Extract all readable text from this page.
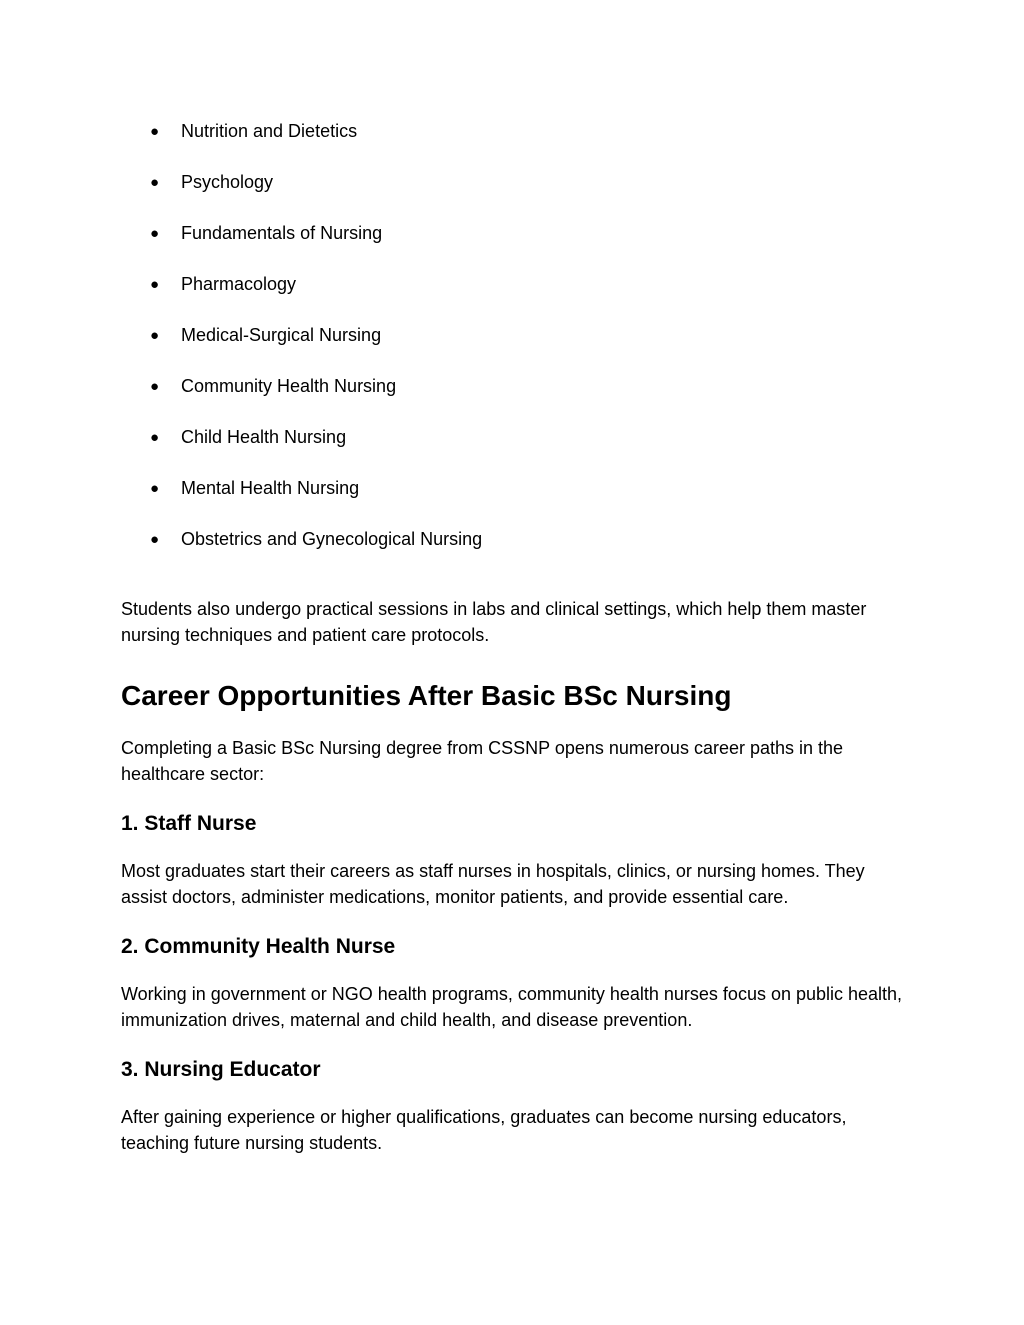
●	Nutrition and Dietetics
●	Psychology
●	Fundamentals of Nursing
●	Pharmacology
●	Medical-Surgical Nursing
●	Community Health Nursing
●	Child Health Nursing
●	Mental Health Nursing
●	Obstetrics and Gynecological Nursing

Students also undergo practical sessions in labs and clinical settings, which help them master nursing techniques and patient care protocols.

Career Opportunities After Basic BSc Nursing

Completing a Basic BSc Nursing degree from CSSNP opens numerous career paths in the healthcare sector:

1. Staff Nurse

Most graduates start their careers as staff nurses in hospitals, clinics, or nursing homes. They assist doctors, administer medications, monitor patients, and provide essential care.

2. Community Health Nurse

Working in government or NGO health programs, community health nurses focus on public health, immunization drives, maternal and child health, and disease prevention.

3. Nursing Educator

After gaining experience or higher qualifications, graduates can become nursing educators, teaching future nursing students.
